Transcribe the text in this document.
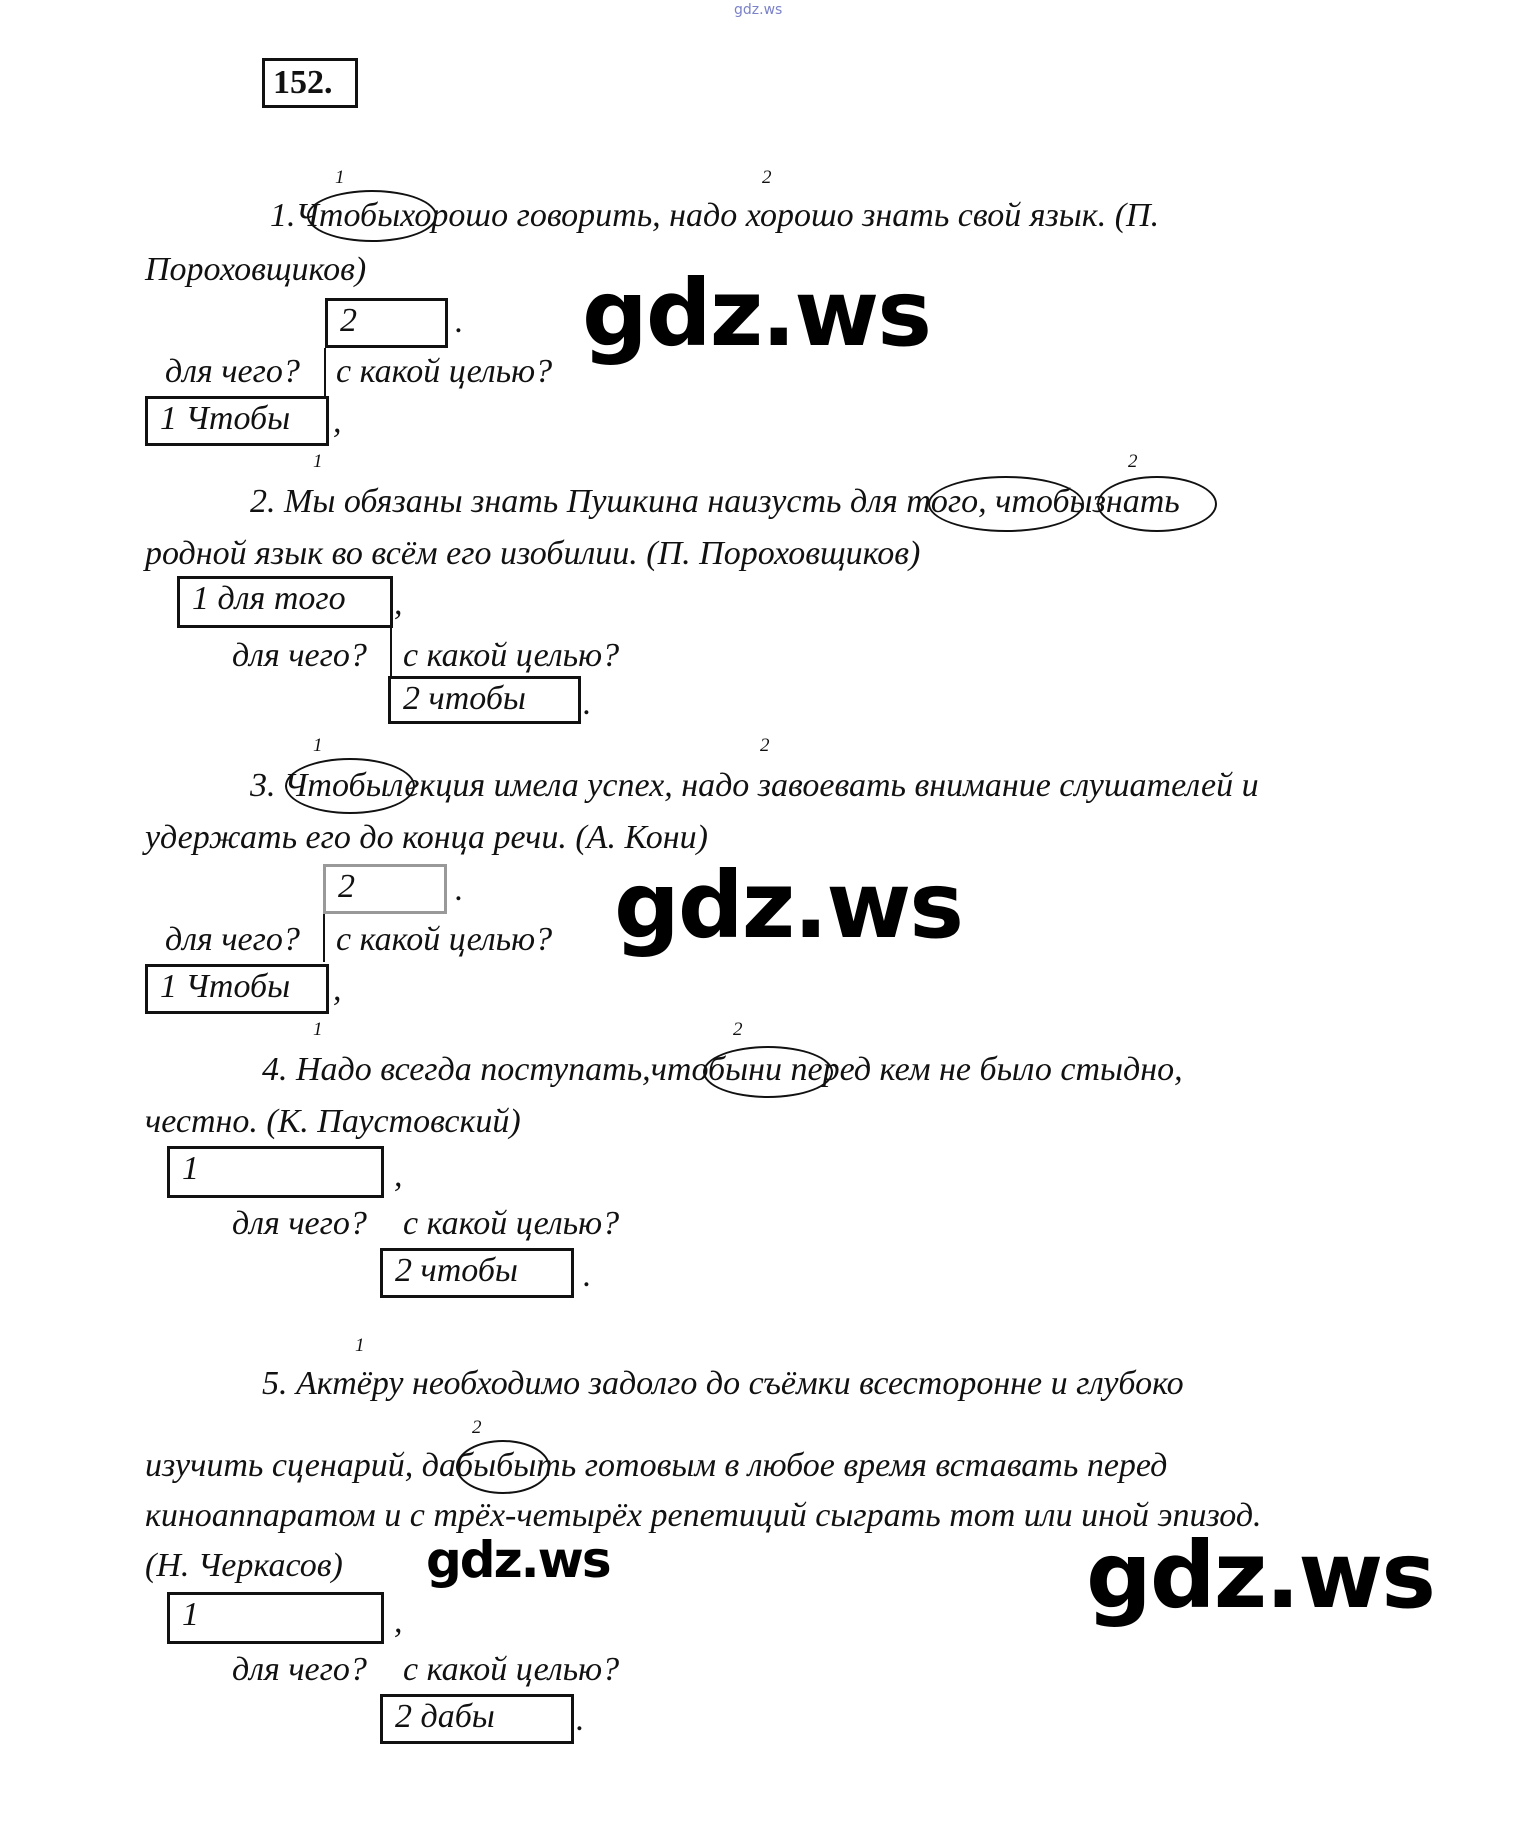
gdz.ws
152.
1	2
1.Чтобыхорошо говорить, надо хорошо знать свой язык. (П.
Пороховщиков)
2	.
для чего? с какой целью?
1 Чтобы	,
1	2
2. Мы обязаны знать Пушкина наизусть для того, чтобызнать
родной язык во всём его изобилии. (П. Пороховщиков)
1 для того	,
для чего? с какой целью?
2 чтобы	.
1	2
3. Чтобылекция имела успех, надо завоевать внимание слушателей и
удержать его до конца речи. (А. Кони)
2	.
для чего? с какой целью?
1 Чтобы	,
1	2
4. Надо всегда поступать,чтобыни перед кем не было стыдно,
честно. (К. Паустовский)
1	,
для чего? с какой целью?
2 чтобы	.
1
5. Актёру необходимо задолго до съёмки всесторонне и глубоко
2
изучить сценарий, дабыбыть готовым в любое время вставать перед
киноаппаратом и с трёх-четырёх репетиций сыграть тот или иной эпизод.
(Н. Черкасов)
1	,
для чего? с какой целью?
2 дабы	.
gdz.ws
gdz.ws
gdz.ws	gdz.ws
